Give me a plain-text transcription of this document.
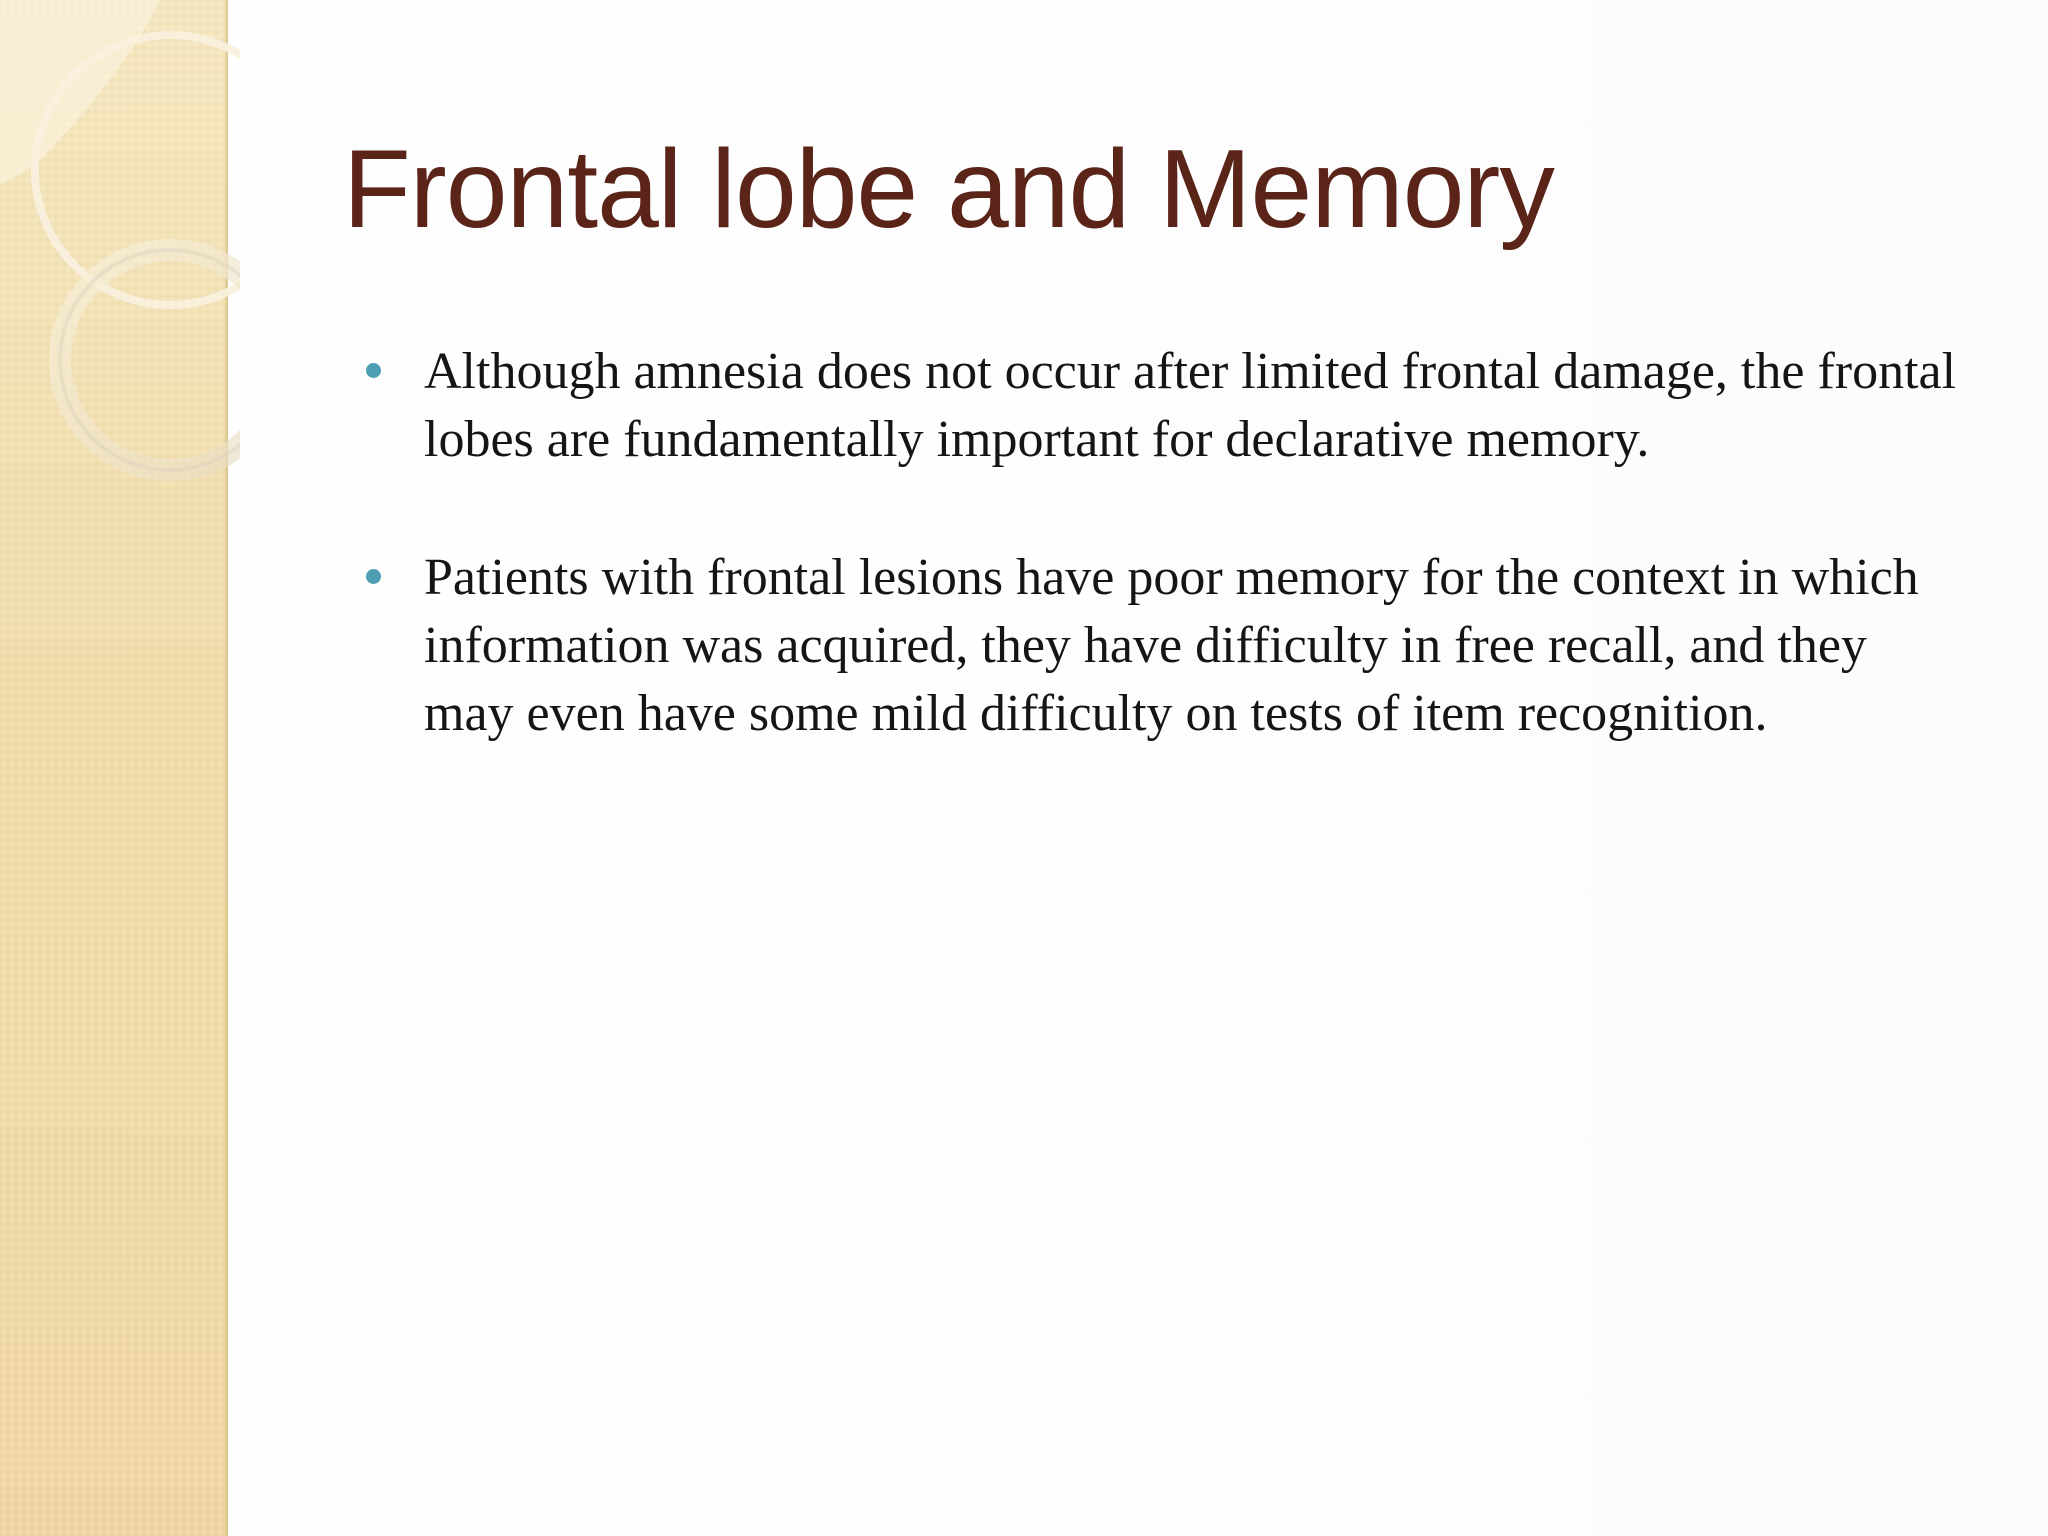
Frontal lobe and Memory
Although amnesia does not occur after limited frontal damage, the frontal lobes are fundamentally important for declarative memory.
Patients with frontal lesions have poor memory for the context in which information was acquired, they have difficulty in free recall, and they may even have some mild difficulty on tests of item recognition.
